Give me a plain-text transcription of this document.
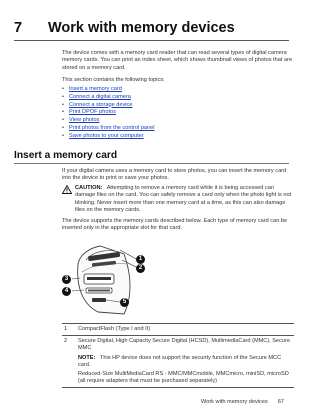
7 Work with memory devices

The device comes with a memory card reader that can read several types of digital camera memory cards. You can print an index sheet, which shows thumbnail views of photos that are stored on a memory card.

This section contains the following topics:

• Insert a memory card
• Connect a digital camera
• Connect a storage device
• Print DPOF photos
• View photos
• Print photos from the control panel
• Save photos to your computer
Insert a memory card

If your digital camera uses a memory card to store photos, you can insert the memory card into the device to print or save your photos.

CAUTION: Attempting to remove a memory card while it is being accessed can damage files on the card. You can safely remove a card only when the photo light is not blinking. Never insert more than one memory card at a time, as this can also damage files on the memory cards.

The device supports the memory cards described below. Each type of memory card can be inserted only in the appropriate slot for that card.

1
2
3
4
5
1	CompactFlash (Type I and II)
2	Secure Digital, High Capacity Secure Digital (HCSD), MultimediaCard (MMC), Secure MMC
NOTE: This HP device does not support the security function of the Secure MCC card.
Reduced-Size MultiMediaCard RS - MMC/MMCmobile, MMCmicro, miniSD, microSD (all require adapters that must be purchased separately)
Work with memory devices 67
